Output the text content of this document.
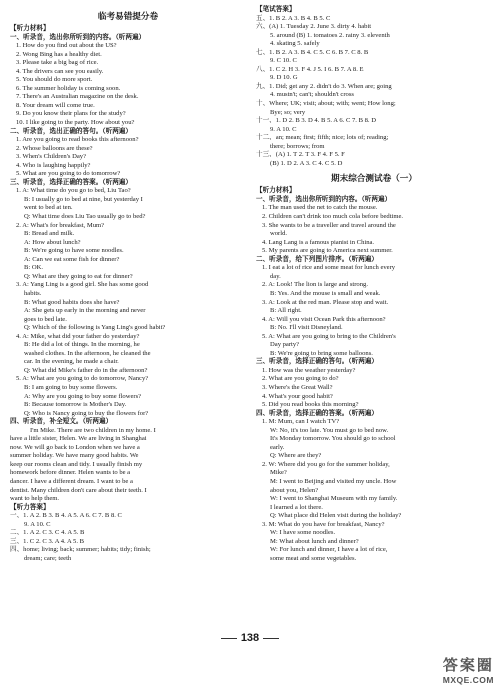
临考易错提分卷
【听力材料】
一、听录音，选出你所听到的内容。（听两遍）
1. How do you find out about the US?
2. Wong Bing has a healthy diet.
3. Please take a big bag of rice.
4. The drivers can see you easily.
5. You should do more sport.
6. The summer holiday is coming soon.
7. There's an Australian magazine on the desk.
8. Your dream will come true.
9. Do you know their plans for the study?
10. I like going to the party. How about you?
二、听录音，选出正确的答句。（听两遍）
1. Are you going to read books this afternoon?
2. Whose balloons are these?
3. When's Children's Day?
4. Who is laughing happily?
5. What are you going to do tomorrow?
三、听录音，选择正确的答案。（听两遍）
1. A: What time do you go to bed, Liu Tao?
B: I usually go to bed at nine, but yesterday I
went to bed at ten.
Q: What time does Liu Tao usually go to bed?
2. A: What's for breakfast, Mum?
B: Bread and milk.
A: How about lunch?
B: We're going to have some noodles.
A: Can we eat some fish for dinner?
B: OK.
Q: What are they going to eat for dinner?
3. A: Yang Ling is a good girl. She has some good
habits.
B: What good habits does she have?
A: She gets up early in the morning and never
goes to bed late.
Q: Which of the following is Yang Ling's good habit?
4. A: Mike, what did your father do yesterday?
B: He did a lot of things. In the morning, he
washed clothes. In the afternoon, he cleaned the
car. In the evening, he made a chair.
Q: What did Mike's father do in the afternoon?
5. A: What are you going to do tomorrow, Nancy?
B: I am going to buy some flowers.
A: Why are you going to buy some flowers?
B: Because tomorrow is Mother's Day.
Q: Who is Nancy going to buy the flowers for?
四、听录音，补全短文。（听两遍）
I'm Mike. There are two children in my home. I
have a little sister, Helen. We are living in Shanghai
now. We will go back to London when we have a
summer holiday. We have many good habits. We
keep our rooms clean and tidy. I usually finish my
homework before dinner. Helen wants to be a
dancer. I have a different dream. I want to be a
dentist. Many children don't care about their teeth. I
want to help them.
【听力答案】
一、1. A 2. B 3. B 4. A 5. A 6. C 7. B 8. C
9. A 10. C
二、1. A 2. C 3. C 4. A 5. B
三、1. C 2. C 3. A 4. A 5. B
四、home; living; back; summer; habits; tidy; finish;
dream; care; teeth
【笔试答案】
五、1. B 2. A 3. B 4. B 5. C
六、(A) 1. Tuesday 2. June 3. dirty 4. habit
5. around (B) 1. tomatoes 2. rainy 3. eleventh
4. skating 5. safely
七、1. B 2. A 3. B 4. C 5. C 6. B 7. C 8. B
9. C 10. C
八、1. C 2. H 3. F 4. J 5. I 6. B 7. A 8. E
9. D 10. G
九、1. Did; get any 2. didn't do 3. When are; going
4. mustn't; can't; shouldn't cross
十、Where; UK; visit; about; with; went; How long;
Bye; so; very
十一、1. D 2. B 3. D 4. B 5. A 6. C 7. B 8. D
9. A 10. C
十二、an; mean; first; fifth; nice; lots of; reading;
there; borrows; from
十三、(A) 1. T 2. T 3. F 4. F 5. F
(B) 1. D 2. A 3. C 4. C 5. D
期末综合测试卷（一）
【听力材料】
一、听录音，选出你所听到的内容。（听两遍）
1. The man used the net to catch the mouse.
2. Children can't drink too much cola before bedtime.
3. She wants to be a traveller and travel around the
world.
4. Lang Lang is a famous pianist in China.
5. My parents are going to America next summer.
二、听录音，给下列图片排序。（听两遍）
1. I eat a lot of rice and some meat for lunch every
day.
2. A: Look! The lion is large and strong.
B: Yes. And the mouse is small and weak.
3. A: Look at the red man. Please stop and wait.
B: All right.
4. A: Will you visit Ocean Park this afternoon?
B: No. I'll visit Disneyland.
5. A: What are you going to bring to the Children's
Day party?
B: We're going to bring some balloons.
三、听录音，选择正确的答句。（听两遍）
1. How was the weather yesterday?
2. What are you going to do?
3. Where's the Great Wall?
4. What's your good habit?
5. Did you read books this morning?
四、听录音，选择正确的答案。（听两遍）
1. M: Mum, can I watch TV?
W: No, it's too late. You must go to bed now.
It's Monday tomorrow. You should go to school
early.
Q: Where are they?
2. W: Where did you go for the summer holiday,
Mike?
M: I went to Beijing and visited my uncle. How
about you, Helen?
W: I went to Shanghai Museum with my family.
I learned a lot there.
Q: What place did Helen visit during the holiday?
3. M: What do you have for breakfast, Nancy?
W: I have some noodles.
M: What about lunch and dinner?
W: For lunch and dinner, I have a lot of rice,
some meat and some vegetables.
138
答案圈
MXQE.COM
